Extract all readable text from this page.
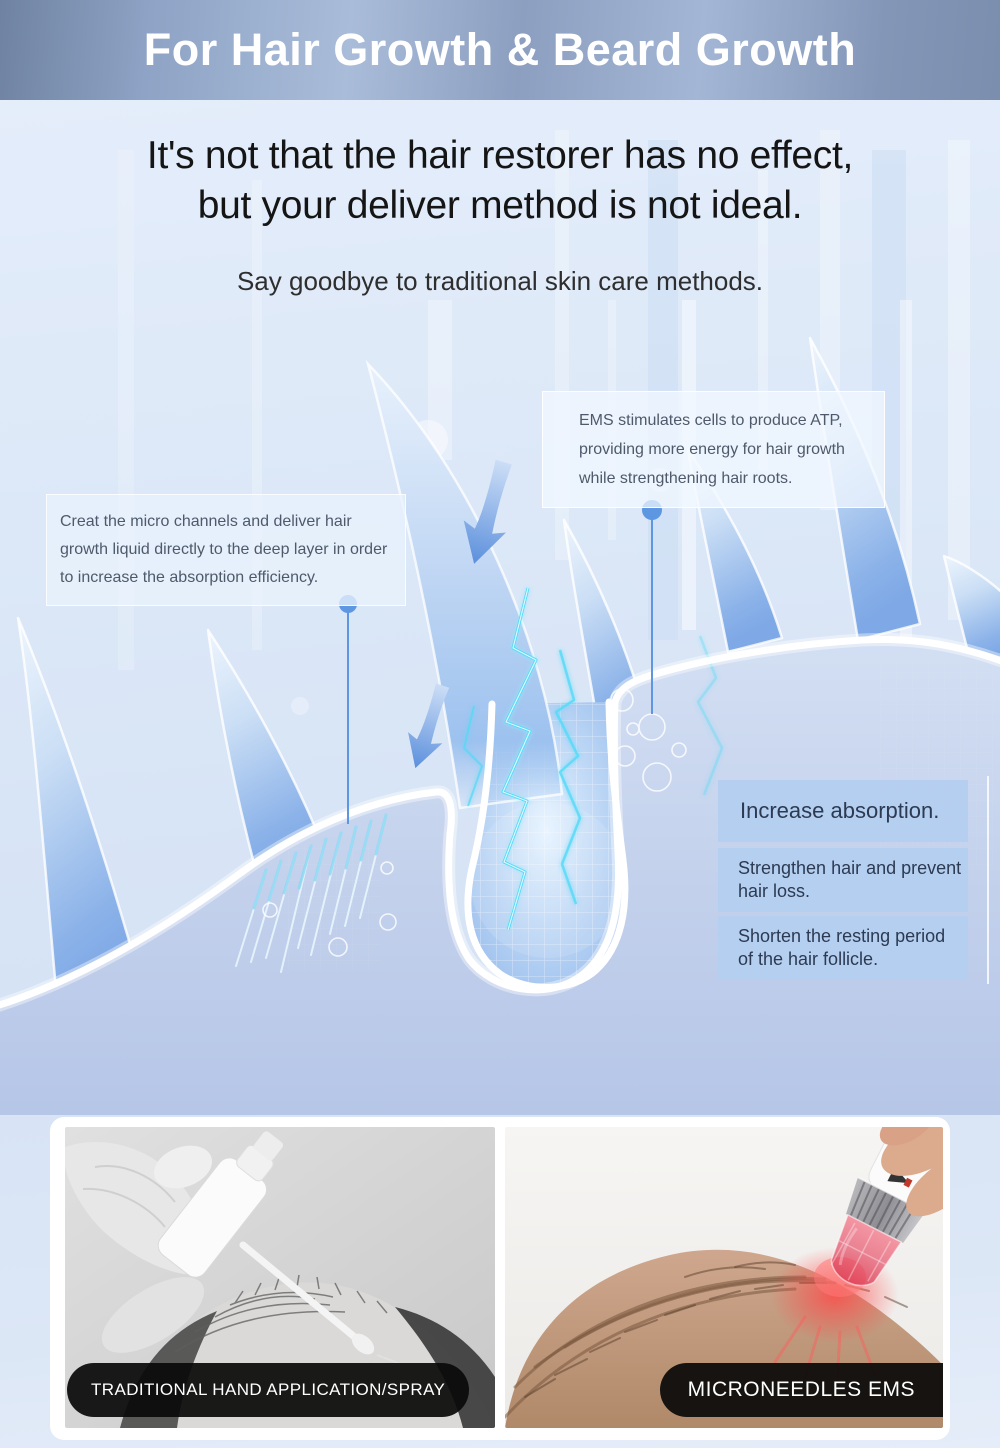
For Hair Growth & Beard Growth
It's not that the hair restorer has no effect,
but your deliver method is not ideal.
Say goodbye to traditional skin care methods.
EMS stimulates cells to produce ATP, providing more energy for hair growth while strengthening hair roots.
Creat the micro channels and deliver hair growth liquid directly to the deep layer in order to increase the absorption efficiency.
Increase absorption.
Strengthen hair and prevent hair loss.
Shorten the resting period of the hair follicle.
TRADITIONAL HAND APPLICATION/SPRAY	MICRONEEDLES EMS
